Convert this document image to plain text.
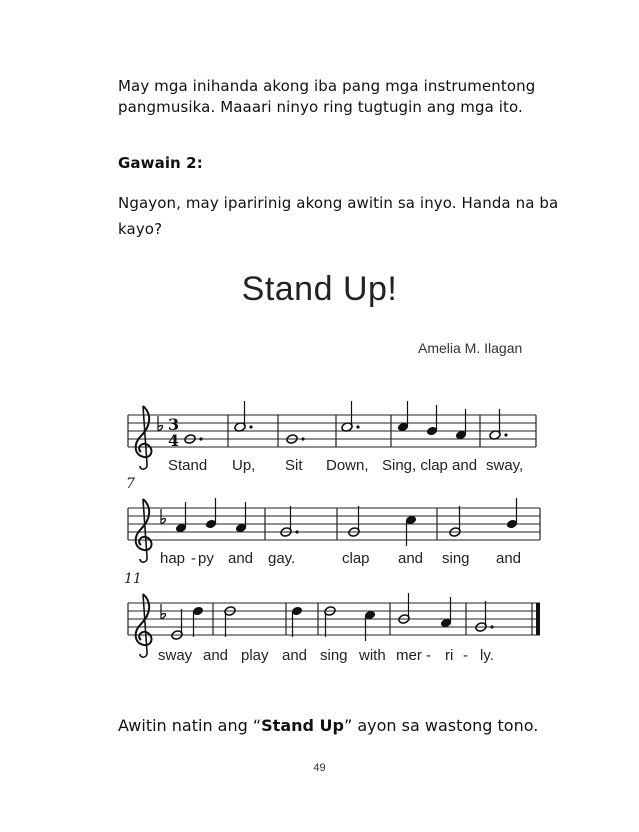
May mga inihanda akong iba pang mga instrumentong pangmusika. Maaari ninyo ring tugtugin ang mga ito.
Gawain 2:
Ngayon, may iparirinig akong awitin sa inyo. Handa na ba kayo?
Stand Up!
Amelia M. Ilagan
3
4
Stand Up, Sit Down, Sing, clap and sway,
7
hap - py and gay.	clap and sing and
11
sway and play and sing with mer - ri - ly.
Awitin natin ang “Stand Up” ayon sa wastong tono.
49
